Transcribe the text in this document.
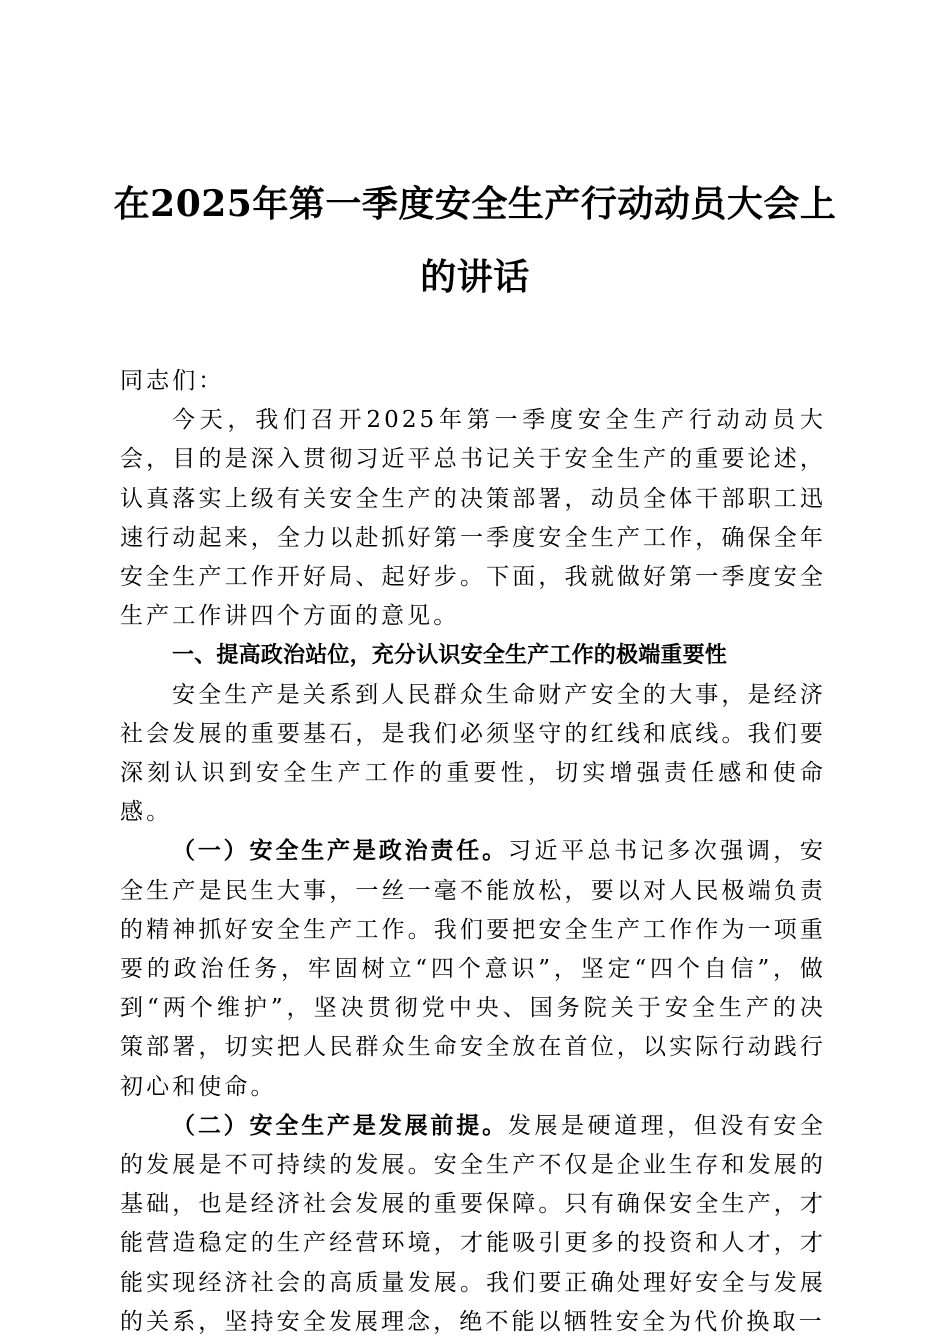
在2025年第一季度安全生产行动动员大会上
的讲话

同志们：

今天，我们召开2025年第一季度安全生产行动动员大会，目的是深入贯彻习近平总书记关于安全生产的重要论述，认真落实上级有关安全生产的决策部署，动员全体干部职工迅速行动起来，全力以赴抓好第一季度安全生产工作，确保全年安全生产工作开好局、起好步。下面，我就做好第一季度安全生产工作讲四个方面的意见。

一、提高政治站位，充分认识安全生产工作的极端重要性

安全生产是关系到人民群众生命财产安全的大事，是经济社会发展的重要基石，是我们必须坚守的红线和底线。我们要深刻认识到安全生产工作的重要性，切实增强责任感和使命感。

（一）安全生产是政治责任。习近平总书记多次强调，安全生产是民生大事，一丝一毫不能放松，要以对人民极端负责的精神抓好安全生产工作。我们要把安全生产工作作为一项重要的政治任务，牢固树立“四个意识”，坚定“四个自信”，做到“两个维护”，坚决贯彻党中央、国务院关于安全生产的决策部署，切实把人民群众生命安全放在首位，以实际行动践行初心和使命。

（二）安全生产是发展前提。发展是硬道理，但没有安全的发展是不可持续的发展。安全生产不仅是企业生存和发展的基础，也是经济社会发展的重要保障。只有确保安全生产，才能营造稳定的生产经营环境，才能吸引更多的投资和人才，才能实现经济社会的高质量发展。我们要正确处理好安全与发展的关系，坚持安全发展理念，绝不能以牺牲安全为代价换取一
